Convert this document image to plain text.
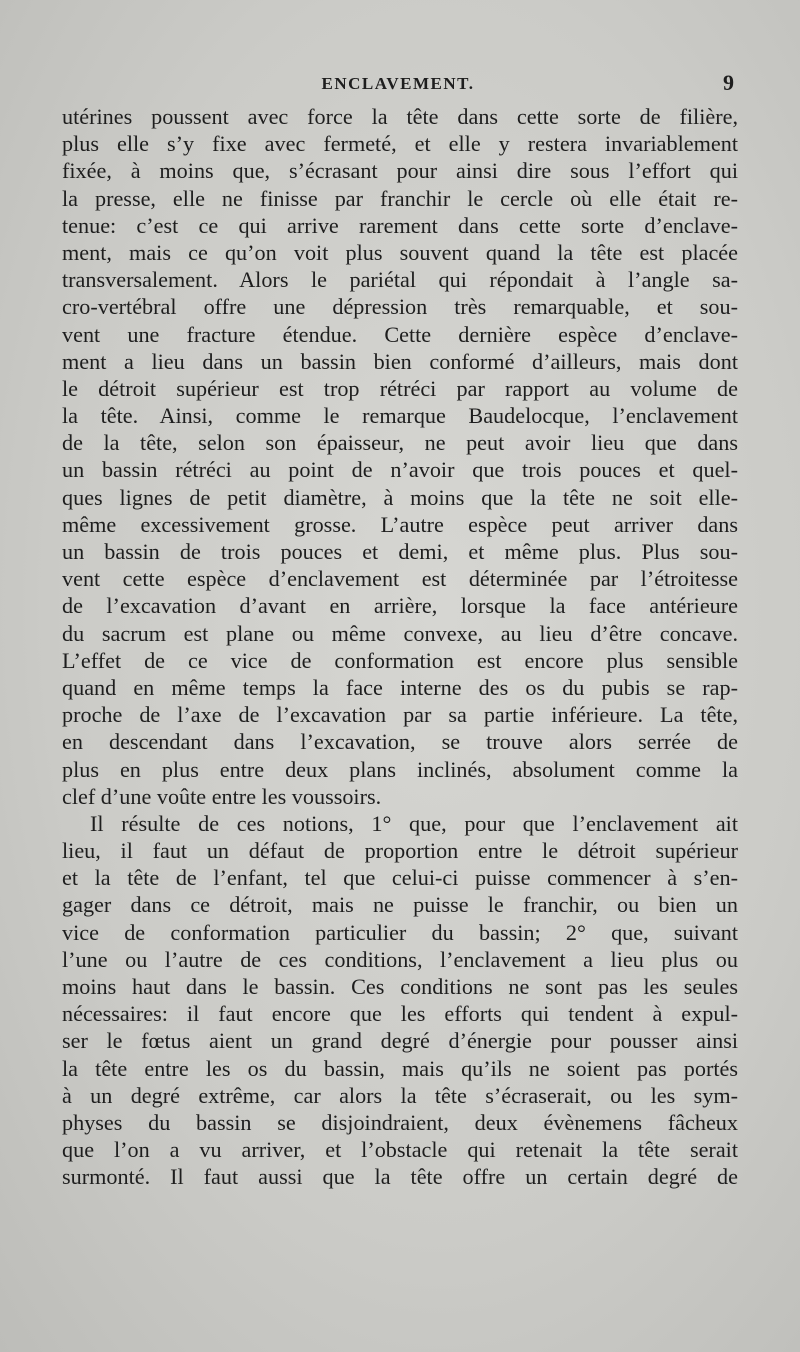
ENCLAVEMENT.	9
utérines poussent avec force la tête dans cette sorte de filière,
plus elle s’y fixe avec fermeté, et elle y restera invariablement
fixée, à moins que, s’écrasant pour ainsi dire sous l’effort qui
la presse, elle ne finisse par franchir le cercle où elle était re-
tenue: c’est ce qui arrive rarement dans cette sorte d’enclave-
ment, mais ce qu’on voit plus souvent quand la tête est placée
transversalement. Alors le pariétal qui répondait à l’angle sa-
cro-vertébral offre une dépression très remarquable, et sou-
vent une fracture étendue. Cette dernière espèce d’enclave-
ment a lieu dans un bassin bien conformé d’ailleurs, mais dont
le détroit supérieur est trop rétréci par rapport au volume de
la tête. Ainsi, comme le remarque Baudelocque, l’enclavement
de la tête, selon son épaisseur, ne peut avoir lieu que dans
un bassin rétréci au point de n’avoir que trois pouces et quel-
ques lignes de petit diamètre, à moins que la tête ne soit elle-
même excessivement grosse. L’autre espèce peut arriver dans
un bassin de trois pouces et demi, et même plus. Plus sou-
vent cette espèce d’enclavement est déterminée par l’étroitesse
de l’excavation d’avant en arrière, lorsque la face antérieure
du sacrum est plane ou même convexe, au lieu d’être concave.
L’effet de ce vice de conformation est encore plus sensible
quand en même temps la face interne des os du pubis se rap-
proche de l’axe de l’excavation par sa partie inférieure. La tête,
en descendant dans l’excavation, se trouve alors serrée de
plus en plus entre deux plans inclinés, absolument comme la
clef d’une voûte entre les voussoirs.
Il résulte de ces notions, 1° que, pour que l’enclavement ait
lieu, il faut un défaut de proportion entre le détroit supérieur
et la tête de l’enfant, tel que celui-ci puisse commencer à s’en-
gager dans ce détroit, mais ne puisse le franchir, ou bien un
vice de conformation particulier du bassin; 2° que, suivant
l’une ou l’autre de ces conditions, l’enclavement a lieu plus ou
moins haut dans le bassin. Ces conditions ne sont pas les seules
nécessaires: il faut encore que les efforts qui tendent à expul-
ser le fœtus aient un grand degré d’énergie pour pousser ainsi
la tête entre les os du bassin, mais qu’ils ne soient pas portés
à un degré extrême, car alors la tête s’écraserait, ou les sym-
physes du bassin se disjoindraient, deux évènemens fâcheux
que l’on a vu arriver, et l’obstacle qui retenait la tête serait
surmonté. Il faut aussi que la tête offre un certain degré de
